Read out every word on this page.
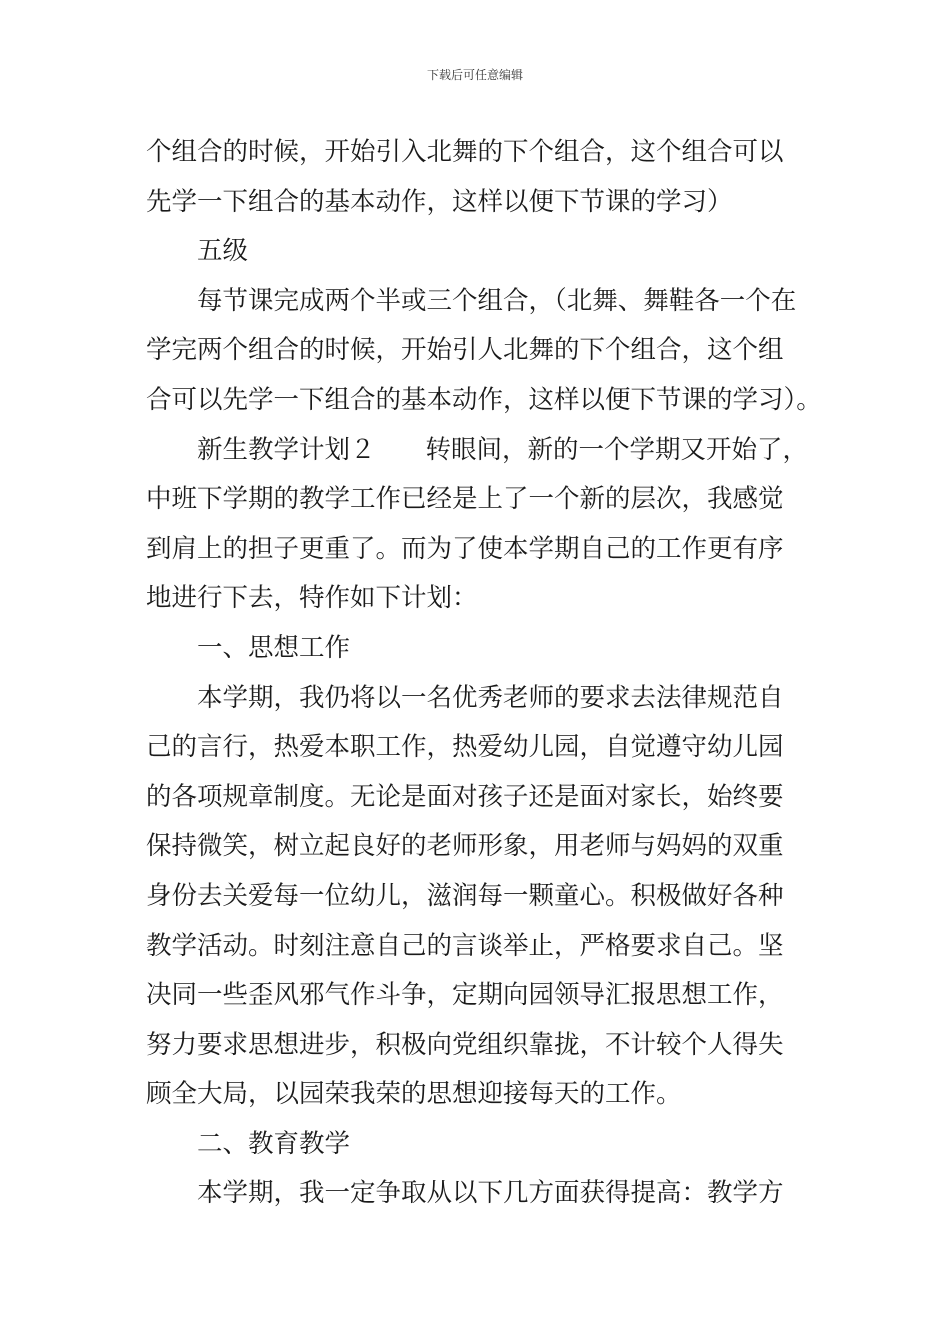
下载后可任意编辑
个组合的时候，开始引入北舞的下个组合，这个组合可以
先学一下组合的基本动作，这样以便下节课的学习）
五级
每节课完成两个半或三个组合，（北舞、舞鞋各一个在
学完两个组合的时候，开始引人北舞的下个组合，这个组
合可以先学一下组合的基本动作，这样以便下节课的学习）。
新生教学计划２ 转眼间，新的一个学期又开始了，
中班下学期的教学工作已经是上了一个新的层次，我感觉
到肩上的担子更重了。而为了使本学期自己的工作更有序
地进行下去，特作如下计划：
一、思想工作
本学期，我仍将以一名优秀老师的要求去法律规范自
己的言行，热爱本职工作，热爱幼儿园，自觉遵守幼儿园
的各项规章制度。无论是面对孩子还是面对家长，始终要
保持微笑，树立起良好的老师形象，用老师与妈妈的双重
身份去关爱每一位幼儿，滋润每一颗童心。积极做好各种
教学活动。时刻注意自己的言谈举止，严格要求自己。坚
决同一些歪风邪气作斗争，定期向园领导汇报思想工作，
努力要求思想进步，积极向党组织靠拢，不计较个人得失
顾全大局，以园荣我荣的思想迎接每天的工作。
二、教育教学
本学期，我一定争取从以下几方面获得提高：教学方
